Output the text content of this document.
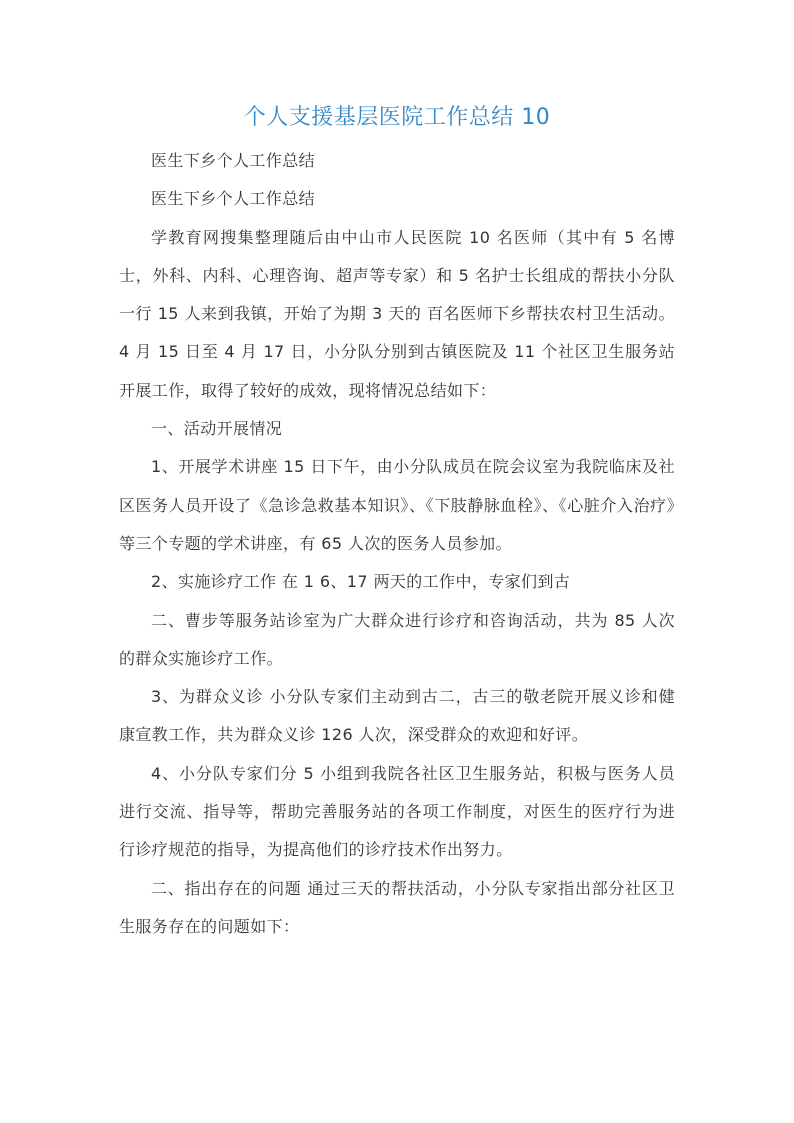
个人支援基层医院工作总结 10

医生下乡个人工作总结

医生下乡个人工作总结

学教育网搜集整理随后由中山市人民医院 10 名医师（其中有 5 名博士，外科、内科、心理咨询、超声等专家）和 5 名护士长组成的帮扶小分队一行 15 人来到我镇，开始了为期 3 天的 百名医师下乡帮扶农村卫生活动。4 月 15 日至 4 月 17 日，小分队分别到古镇医院及 11 个社区卫生服务站开展工作，取得了较好的成效，现将情况总结如下：

一、活动开展情况

1、开展学术讲座 15 日下午，由小分队成员在院会议室为我院临床及社区医务人员开设了《急诊急救基本知识》、《下肢静脉血栓》、《心脏介入治疗》等三个专题的学术讲座，有 65 人次的医务人员参加。

2、实施诊疗工作 在 1 6、17 两天的工作中，专家们到古

二、曹步等服务站诊室为广大群众进行诊疗和咨询活动，共为 85 人次的群众实施诊疗工作。

3、为群众义诊 小分队专家们主动到古二，古三的敬老院开展义诊和健康宣教工作，共为群众义诊 126 人次，深受群众的欢迎和好评。

4、小分队专家们分 5 小组到我院各社区卫生服务站，积极与医务人员进行交流、指导等，帮助完善服务站的各项工作制度，对医生的医疗行为进行诊疗规范的指导，为提高他们的诊疗技术作出努力。

二、指出存在的问题 通过三天的帮扶活动，小分队专家指出部分社区卫生服务存在的问题如下：
